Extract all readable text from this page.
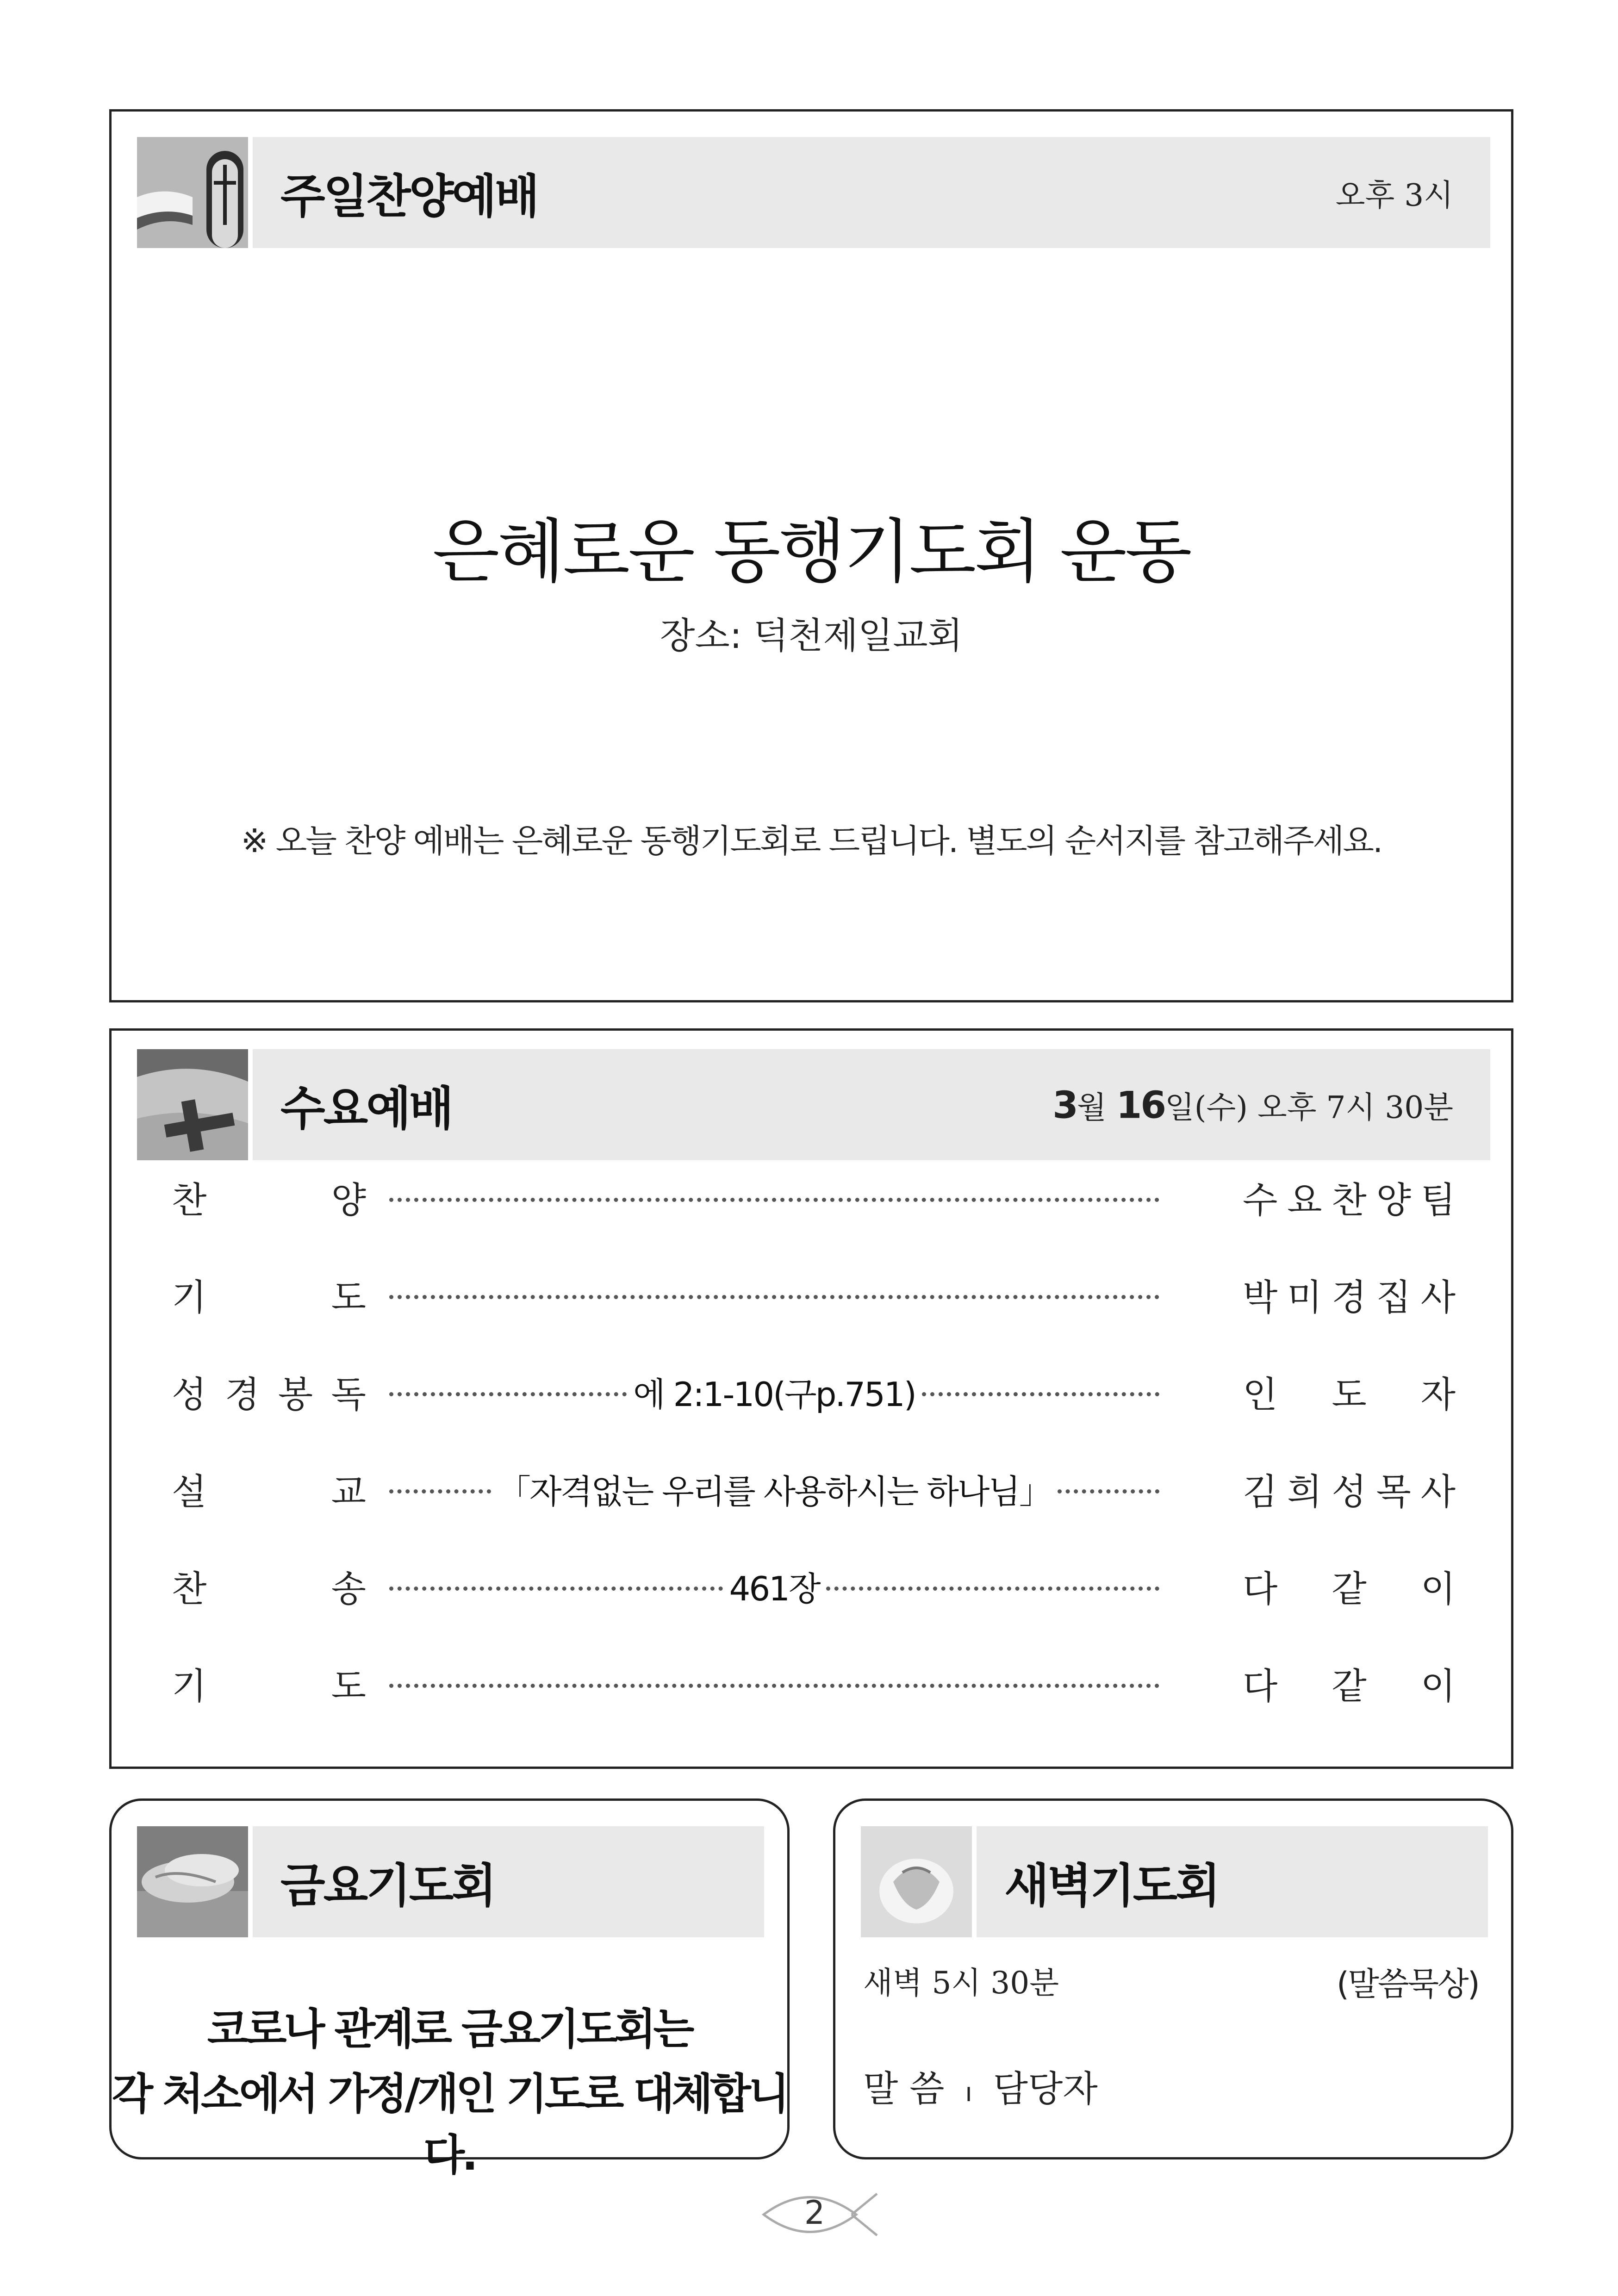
주일찬양예배	오후 3시
은혜로운 동행기도회 운동
장소: 덕천제일교회
※ 오늘 찬양 예배는 은혜로운 동행기도회로 드립니다. 별도의 순서지를 참고해주세요.
수요예배	3월 16일(수) 오후 7시 30분
찬	양	수 요 찬 양 팀
기	도	박 미 경 집 사
성 경 봉 독	에 2:1-10(구p.751)	인 도 자
설	교	「자격없는 우리를 사용하시는 하나님」	김 희 성 목 사
찬	송	461장	다 같 이
기	도	다 같 이
금요기도회
코로나 관계로 금요기도회는
각 처소에서 가정/개인 기도로 대체합니다.
새벽기도회
새벽 5시 30분	(말씀묵상)
말 씀 ı 담당자
2
